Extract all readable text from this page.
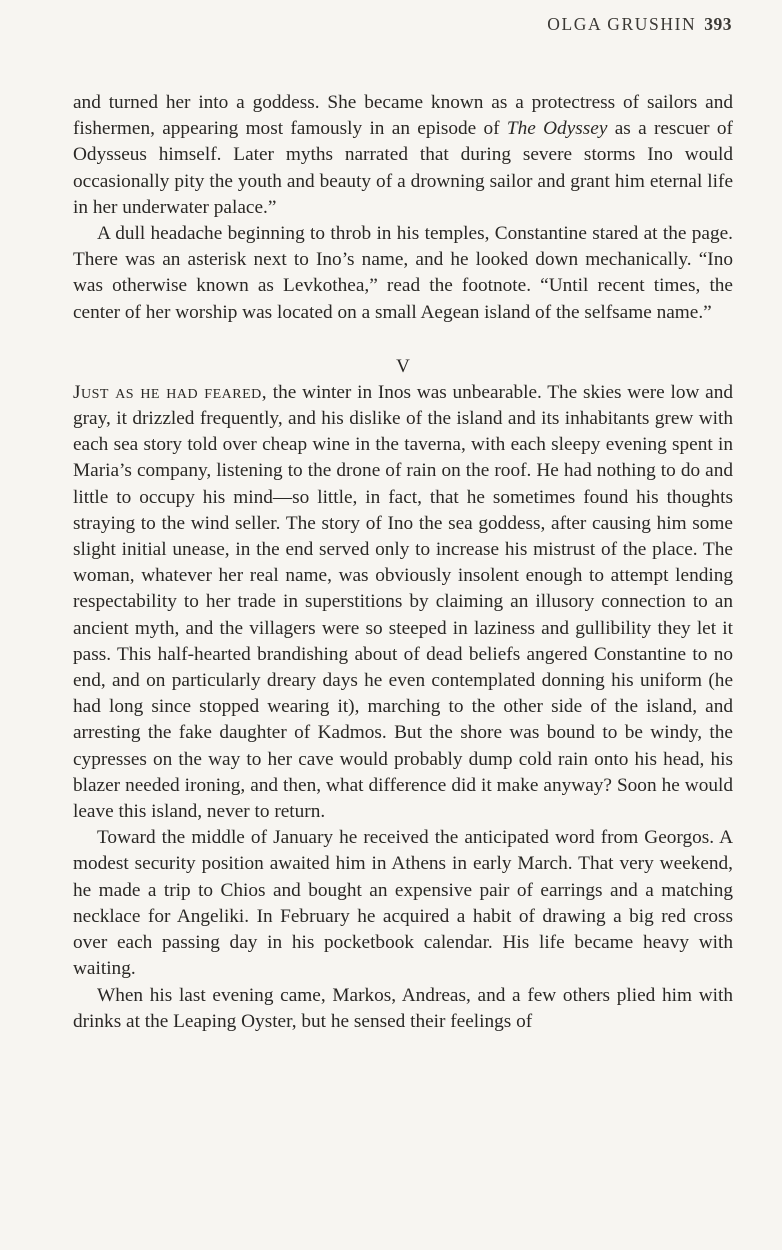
OLGA GRUSHIN 393

and turned her into a goddess. She became known as a protectress of sailors and fishermen, appearing most famously in an episode of The Odyssey as a rescuer of Odysseus himself. Later myths narrated that during severe storms Ino would occasionally pity the youth and beauty of a drowning sailor and grant him eternal life in her underwater palace.”

A dull headache beginning to throb in his temples, Constantine stared at the page. There was an asterisk next to Ino’s name, and he looked down mechanically. “Ino was otherwise known as Levkothea,” read the footnote. “Until recent times, the center of her worship was located on a small Aegean island of the selfsame name.”

V

Just as he had feared, the winter in Inos was unbearable. The skies were low and gray, it drizzled frequently, and his dislike of the island and its inhabitants grew with each sea story told over cheap wine in the taverna, with each sleepy evening spent in Maria’s company, listening to the drone of rain on the roof. He had nothing to do and little to occupy his mind—so little, in fact, that he sometimes found his thoughts straying to the wind seller. The story of Ino the sea goddess, after causing him some slight initial unease, in the end served only to increase his mistrust of the place. The woman, whatever her real name, was obviously insolent enough to attempt lending respectability to her trade in superstitions by claiming an illusory connection to an ancient myth, and the villagers were so steeped in laziness and gullibility they let it pass. This half-hearted brandishing about of dead beliefs angered Constantine to no end, and on particularly dreary days he even contemplated donning his uniform (he had long since stopped wearing it), marching to the other side of the island, and arresting the fake daughter of Kadmos. But the shore was bound to be windy, the cypresses on the way to her cave would probably dump cold rain onto his head, his blazer needed ironing, and then, what difference did it make anyway? Soon he would leave this island, never to return.

Toward the middle of January he received the anticipated word from Georgos. A modest security position awaited him in Athens in early March. That very weekend, he made a trip to Chios and bought an expensive pair of earrings and a matching necklace for Angeliki. In February he acquired a habit of drawing a big red cross over each passing day in his pocketbook calendar. His life became heavy with waiting.

When his last evening came, Markos, Andreas, and a few others plied him with drinks at the Leaping Oyster, but he sensed their feelings of
